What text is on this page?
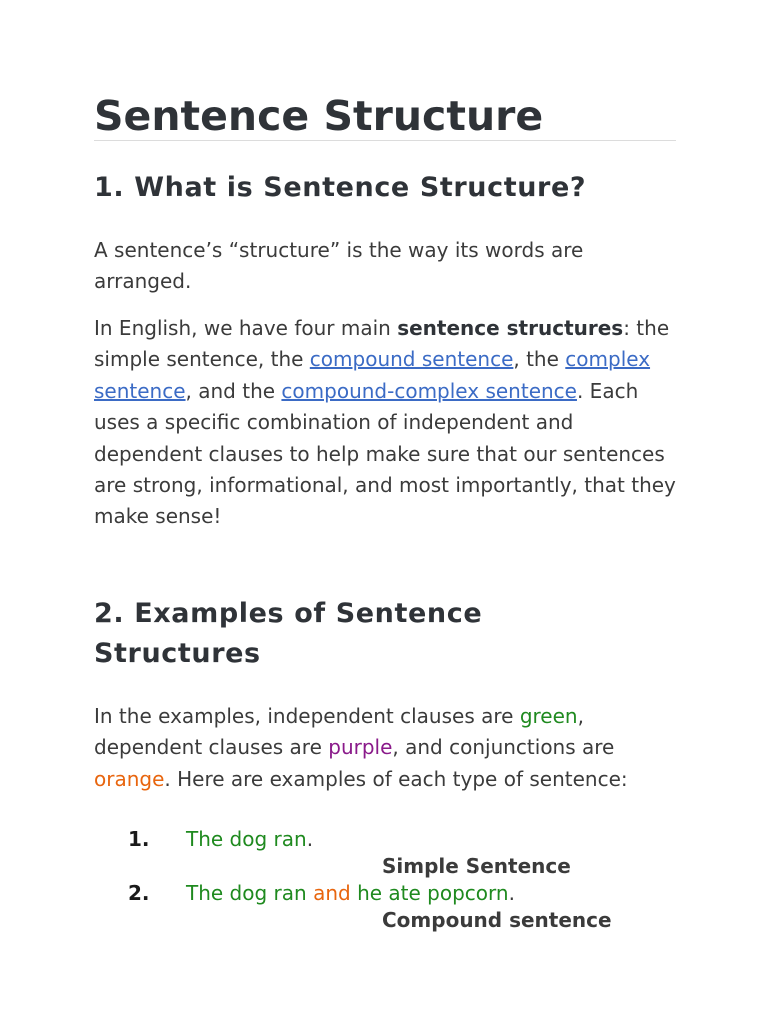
Sentence Structure
1. What is Sentence Structure?

A sentence’s “structure” is the way its words are arranged.

In English, we have four main sentence structures: the simple sentence, the compound sentence, the complex sentence, and the compound-complex sentence. Each uses a specific combination of independent and dependent clauses to help make sure that our sentences are strong, informational, and most importantly, that they make sense!

2. Examples of Sentence Structures

In the examples, independent clauses are green, dependent clauses are purple, and conjunctions are orange. Here are examples of each type of sentence:

1. The dog ran.
Simple Sentence
2. The dog ran and he ate popcorn.
Compound sentence
